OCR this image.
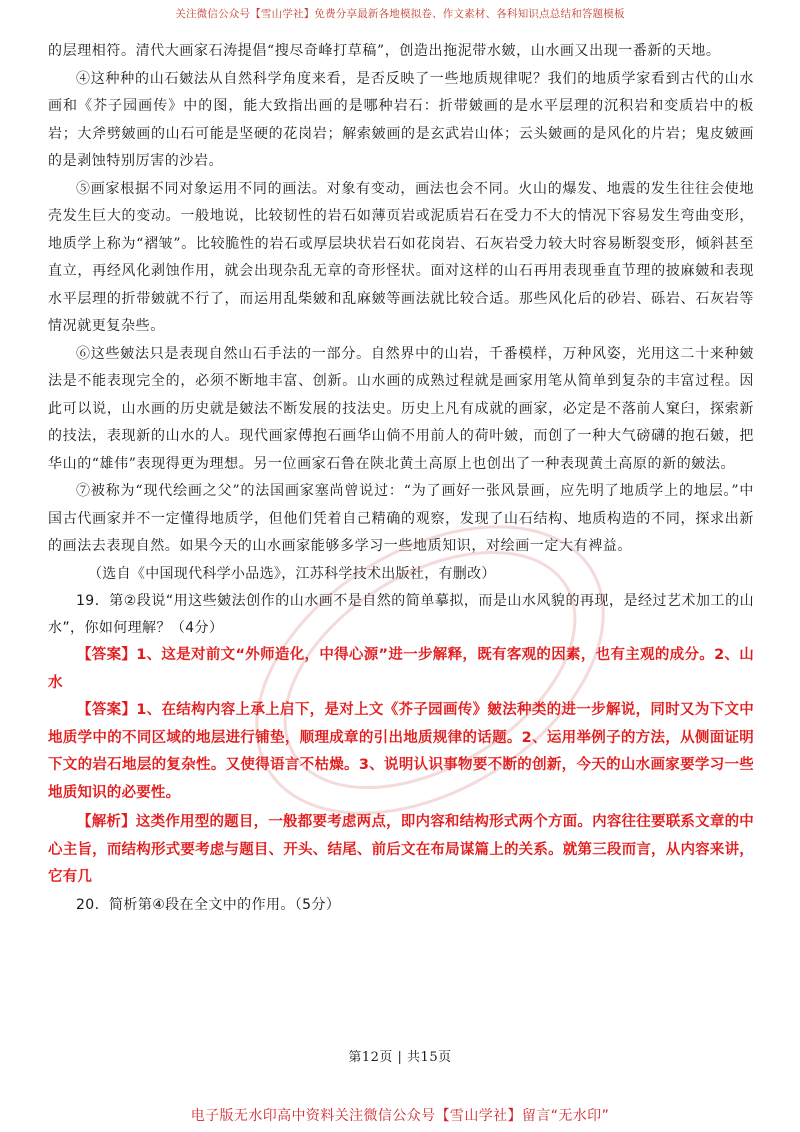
关注微信公众号【雪山学社】免费分享最新各地模拟卷、作文素材、各科知识点总结和答题模板

的层理相符。清代大画家石涛提倡“搜尽奇峰打草稿”，创造出拖泥带水皴，山水画又出现一番新的天地。

④这种种的山石皴法从自然科学角度来看，是否反映了一些地质规律呢？我们的地质学家看到古代的山水画和《芥子园画传》中的图，能大致指出画的是哪种岩石：折带皴画的是水平层理的沉积岩和变质岩中的板岩；大斧劈皴画的山石可能是坚硬的花岗岩；解索皴画的是玄武岩山体；云头皴画的是风化的片岩；鬼皮皴画的是剥蚀特别厉害的沙岩。

⑤画家根据不同对象运用不同的画法。对象有变动，画法也会不同。火山的爆发、地震的发生往往会使地壳发生巨大的变动。一般地说，比较韧性的岩石如薄页岩或泥质岩石在受力不大的情况下容易发生弯曲变形，地质学上称为“褶皱”。比较脆性的岩石或厚层块状岩石如花岗岩、石灰岩受力较大时容易断裂变形，倾斜甚至直立，再经风化剥蚀作用，就会出现杂乱无章的奇形怪状。面对这样的山石再用表现垂直节理的披麻皴和表现水平层理的折带皴就不行了，而运用乱柴皴和乱麻皴等画法就比较合适。那些风化后的砂岩、砾岩、石灰岩等情况就更复杂些。

⑥这些皴法只是表现自然山石手法的一部分。自然界中的山岩，千番模样，万种风姿，光用这二十来种皴法是不能表现完全的，必须不断地丰富、创新。山水画的成熟过程就是画家用笔从简单到复杂的丰富过程。因此可以说，山水画的历史就是皴法不断发展的技法史。历史上凡有成就的画家，必定是不落前人窠臼，探索新的技法，表现新的山水的人。现代画家傅抱石画华山倘不用前人的荷叶皴，而创了一种大气磅礴的抱石皴，把华山的“雄伟”表现得更为理想。另一位画家石鲁在陕北黄土高原上也创出了一种表现黄土高原的新的皴法。

⑦被称为“现代绘画之父”的法国画家塞尚曾说过：“为了画好一张风景画，应先明了地质学上的地层。”中国古代画家并不一定懂得地质学，但他们凭着自己精确的观察，发现了山石结构、地质构造的不同，探求出新的画法去表现自然。如果今天的山水画家能够多学习一些地质知识，对绘画一定大有裨益。

（选自《中国现代科学小品选》，江苏科学技术出版社，有删改）

19．第②段说“用这些皴法创作的山水画不是自然的简单摹拟，而是山水风貌的再现，是经过艺术加工的山水”，你如何理解？（4分）

【答案】1、这是对前文“外师造化，中得心源”进一步解释，既有客观的因素，也有主观的成分。2、山水

【答案】1、在结构内容上承上启下，是对上文《芥子园画传》皴法种类的进一步解说，同时又为下文中地质学中的不同区域的地层进行铺垫，顺理成章的引出地质规律的话题。2、运用举例子的方法，从侧面证明下文的岩石地层的复杂性。又使得语言不枯燥。3、说明认识事物要不断的创新，今天的山水画家要学习一些地质知识的必要性。

【解析】这类作用型的题目，一般都要考虑两点，即内容和结构形式两个方面。内容往往要联系文章的中心主旨，而结构形式要考虑与题目、开头、结尾、前后文在布局谋篇上的关系。就第三段而言，从内容来讲，它有几

20．简析第④段在全文中的作用。（5分）

第12页 | 共15页
电子版无水印高中资料关注微信公众号【雪山学社】留言“无水印”
